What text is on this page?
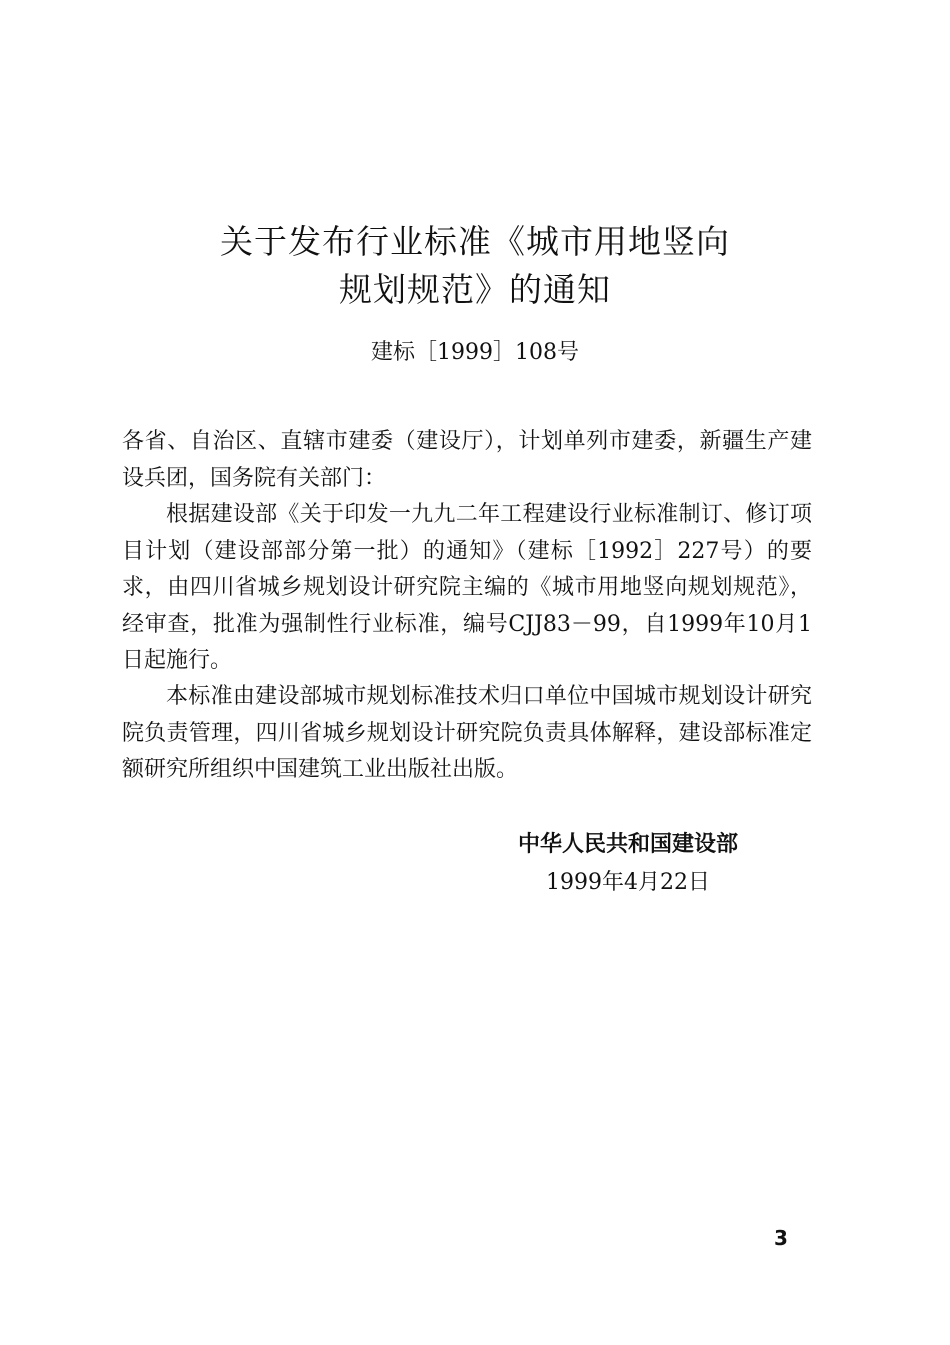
关于发布行业标准《城市用地竖向
规划规范》的通知
建标［1999］108号

各省、自治区、直辖市建委（建设厅），计划单列市建委，新疆生产建设兵团，国务院有关部门：

根据建设部《关于印发一九九二年工程建设行业标准制订、修订项目计划（建设部部分第一批）的通知》（建标［1992］227号）的要求，由四川省城乡规划设计研究院主编的《城市用地竖向规划规范》，经审查，批准为强制性行业标准，编号CJJ83－99，自1999年10月1日起施行。

本标准由建设部城市规划标准技术归口单位中国城市规划设计研究院负责管理，四川省城乡规划设计研究院负责具体解释，建设部标准定额研究所组织中国建筑工业出版社出版。

中华人民共和国建设部
1999年4月22日
3
